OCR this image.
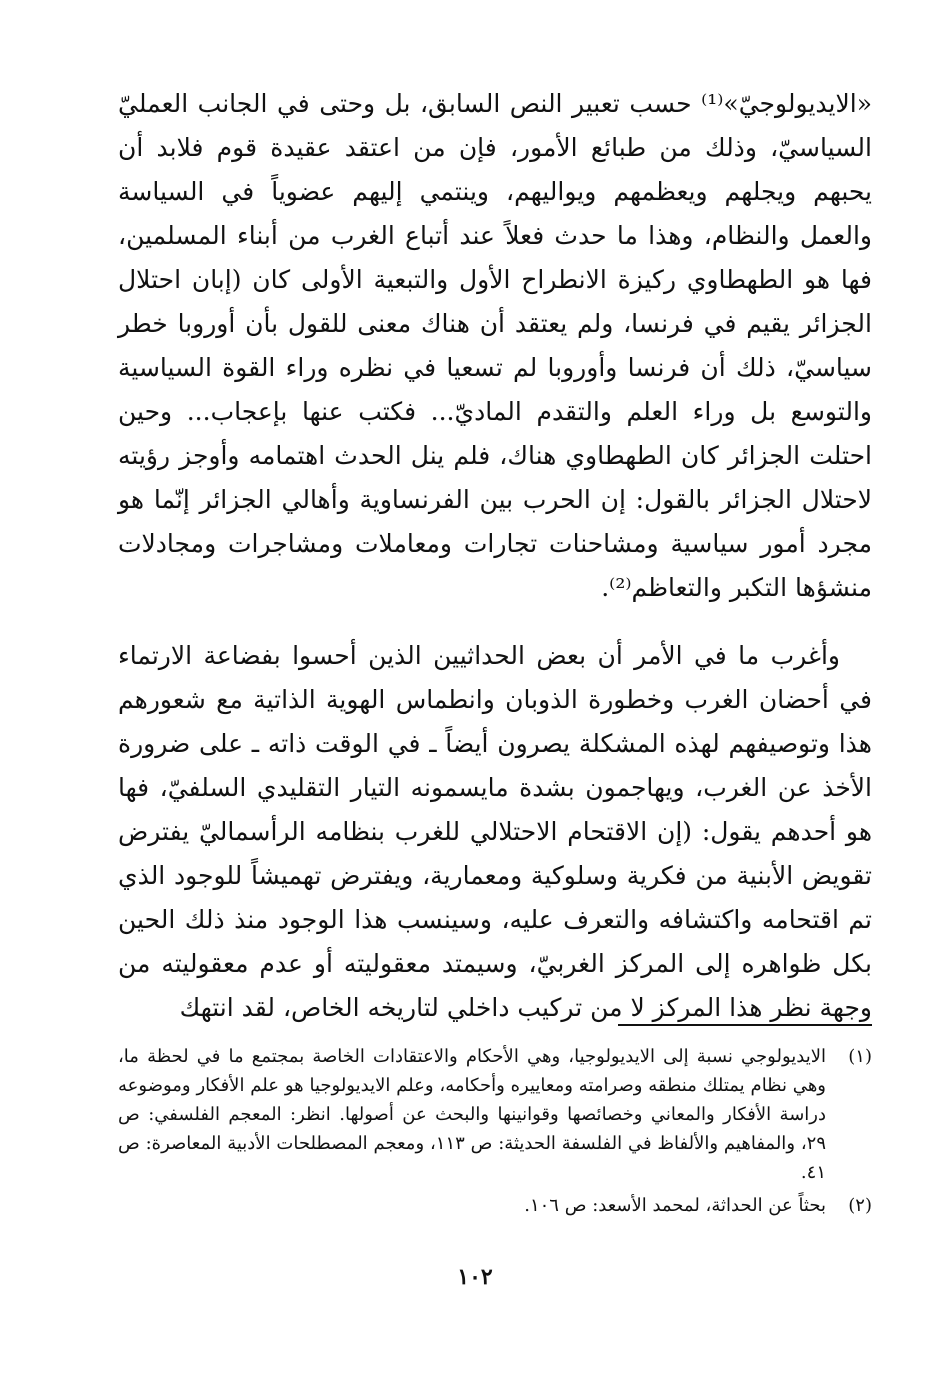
«الايديولوجيّ»⁽¹⁾ حسب تعبير النص السابق، بل وحتى في الجانب العمليّ السياسيّ، وذلك من طبائع الأمور، فإن من اعتقد عقيدة قوم فلابد أن يحبهم ويجلهم ويعظمهم ويواليهم، وينتمي إليهم عضوياً في السياسة والعمل والنظام، وهذا ما حدث فعلاً عند أتباع الغرب من أبناء المسلمين، فها هو الطهطاوي ركيزة الانطراح الأول والتبعية الأولى كان (إبان احتلال الجزائر يقيم في فرنسا، ولم يعتقد أن هناك معنى للقول بأن أوروبا خطر سياسيّ، ذلك أن فرنسا وأوروبا لم تسعيا في نظره وراء القوة السياسية والتوسع بل وراء العلم والتقدم الماديّ... فكتب عنها بإعجاب... وحين احتلت الجزائر كان الطهطاوي هناك، فلم ينل الحدث اهتمامه وأوجز رؤيته لاحتلال الجزائر بالقول: إن الحرب بين الفرنساوية وأهالي الجزائر إنّما هو مجرد أمور سياسية ومشاحنات تجارات ومعاملات ومشاجرات ومجادلات منشؤها التكبر والتعاظم⁽²⁾.

وأغرب ما في الأمر أن بعض الحداثيين الذين أحسوا بفضاعة الارتماء في أحضان الغرب وخطورة الذوبان وانطماس الهوية الذاتية مع شعورهم هذا وتوصيفهم لهذه المشكلة يصرون أيضاً ـ في الوقت ذاته ـ على ضرورة الأخذ عن الغرب، ويهاجمون بشدة مايسمونه التيار التقليدي السلفيّ، فها هو أحدهم يقول: (إن الاقتحام الاحتلالي للغرب بنظامه الرأسماليّ يفترض تقويض الأبنية من فكرية وسلوكية ومعمارية، ويفترض تهميشاً للوجود الذي تم اقتحامه واكتشافه والتعرف عليه، وسينسب هذا الوجود منذ ذلك الحين بكل ظواهره إلى المركز الغربيّ، وسيمتد معقوليته أو عدم معقوليته من وجهة نظر هذا المركز لا من تركيب داخلي لتاريخه الخاص، لقد انتهك

(١)
الايديولوجي نسبة إلى الايديولوجيا، وهي الأحكام والاعتقادات الخاصة بمجتمع ما في لحظة ما، وهي نظام يمتلك منطقه وصرامته ومعاييره وأحكامه، وعلم الايديولوجيا هو علم الأفكار وموضوعه دراسة الأفكار والمعاني وخصائصها وقوانينها والبحث عن أصولها. انظر: المعجم الفلسفي: ص ٢٩، والمفاهيم والألفاظ في الفلسفة الحديثة: ص ١١٣، ومعجم المصطلحات الأدبية المعاصرة: ص ٤١.
(٢)
بحثاً عن الحداثة، لمحمد الأسعد: ص ١٠٦.
١٠٢
